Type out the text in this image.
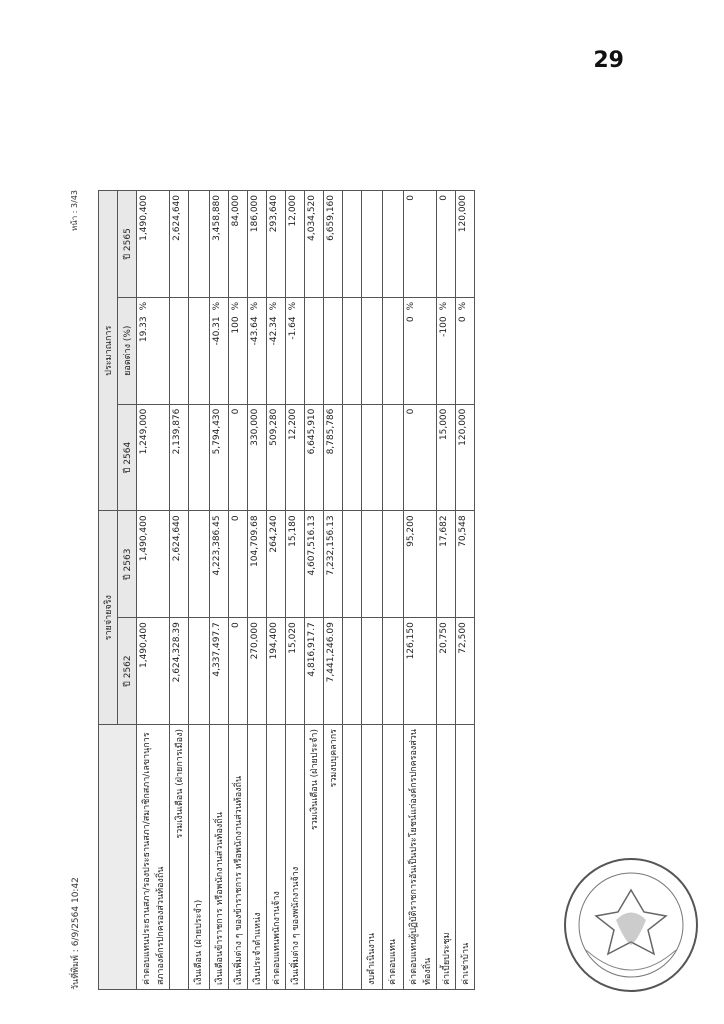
29
วันที่พิมพ์ : 6/9/2564 10:42
หน้า : 3/43
	รายจ่ายจริง		ประมาณการ		
	ปี 2562	ปี 2563	ปี 2564	ยอดต่าง (%)	ปี 2565
ค่าตอบแทนประธานสภา/รองประธานสภา/สมาชิกสภา/เลขานุการสภาองค์กรปกครองส่วนท้องถิ่น	1,490,400	1,490,400	1,249,000	19.33%	1,490,400
รวมเงินเดือน (ฝ่ายการเมือง)	2,624,328.39	2,624,640	2,139,876		2,624,640
เงินเดือน (ฝ่ายประจำ)					
เงินเดือนข้าราชการ หรือพนักงานส่วนท้องถิ่น	4,337,497.7	4,223,386.45	5,794,430	-40.31%	3,458,880
เงินเพิ่มต่าง ๆ ของข้าราชการ หรือพนักงานส่วนท้องถิ่น	0	0	0	100%	84,000
เงินประจำตำแหน่ง	270,000	104,709.68	330,000	-43.64%	186,000
ค่าตอบแทนพนักงานจ้าง	194,400	264,240	509,280	-42.34%	293,640
เงินเพิ่มต่าง ๆ ของพนักงานจ้าง	15,020	15,180	12,200	-1.64%	12,000
รวมเงินเดือน (ฝ่ายประจำ)	4,816,917.7	4,607,516.13	6,645,910		4,034,520
รวมงบบุคลากร	7,441,246.09	7,232,156.13	8,785,786		6,659,160

งบดำเนินงาน					
ค่าตอบแทน					
ค่าตอบแทนผู้ปฏิบัติราชการอันเป็นประโยชน์แก่องค์กรปกครองส่วนท้องถิ่น	126,150	95,200	0	0%	0
ค่าเบี้ยประชุม	20,750	17,682	15,000	-100%	0
ค่าเช่าบ้าน	72,500	70,548	120,000	0%	120,000
